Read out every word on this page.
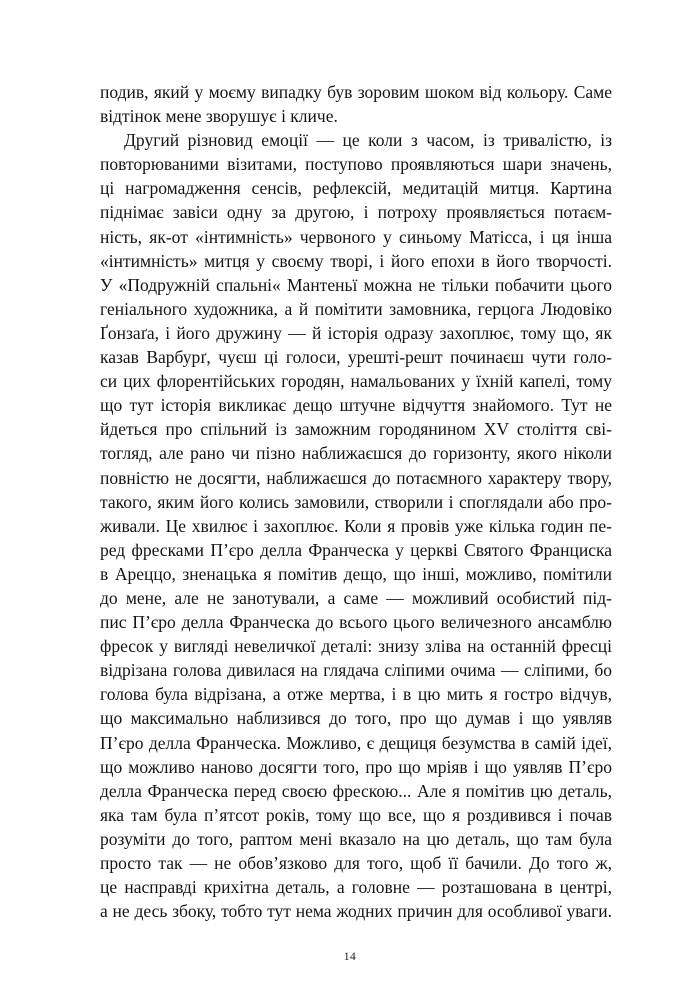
подив, який у моєму випадку був зоровим шоком від кольору. Саме
відтінок мене зворушує і кличе.
Другий різновид емоції — це коли з часом, із тривалістю, із
повторюваними візитами, поступово проявляються шари значень,
ці нагромадження сенсів, рефлексій, медитацій митця. Картина
піднімає завіси одну за другою, і потроху проявляється потаєм-
ність, як-от «інтимність» червоного у синьому Матісса, і ця інша
«інтимність» митця у своєму творі, і його епохи в його творчості.
У «Подружній спальні« Мантеньї можна не тільки побачити цього
геніального художника, а й помітити замовника, герцога Людовіко
Ґонзаґа, і його дружину — й історія одразу захоплює, тому що, як
казав Варбурґ, чуєш ці голоси, урешті-решт починаєш чути голо-
си цих флорентійських городян, намальованих у їхній капелі, тому
що тут історія викликає дещо штучне відчуття знайомого. Тут не
йдеться про спільний із заможним городянином XV століття сві-
тогляд, але рано чи пізно наближаєшся до горизонту, якого ніколи
повністю не досягти, наближаєшся до потаємного характеру твору,
такого, яким його колись замовили, створили і споглядали або про-
живали. Це хвилює і захоплює. Коли я провів уже кілька годин пе-
ред фресками П’єро делла Франческа у церкві Святого Франциска
в Ареццо, зненацька я помітив дещо, що інші, можливо, помітили
до мене, але не занотували, а саме — можливий особистий під-
пис П’єро делла Франческа до всього цього величезного ансамблю
фресок у вигляді невеличкої деталі: знизу зліва на останній фресці
відрізана голова дивилася на глядача сліпими очима — сліпими, бо
голова була відрізана, а отже мертва, і в цю мить я гостро відчув,
що максимально наблизився до того, про що думав і що уявляв
П’єро делла Франческа. Можливо, є дещиця безумства в самій ідеї,
що можливо наново досягти того, про що мріяв і що уявляв П’єро
делла Франческа перед своєю фрескою... Але я помітив цю деталь,
яка там була п’ятсот років, тому що все, що я роздивився і почав
розуміти до того, раптом мені вказало на цю деталь, що там була
просто так — не обов’язково для того, щоб її бачили. До того ж,
це насправді крихітна деталь, а головне — розташована в центрі,
а не десь збоку, тобто тут нема жодних причин для особливої уваги.
14
